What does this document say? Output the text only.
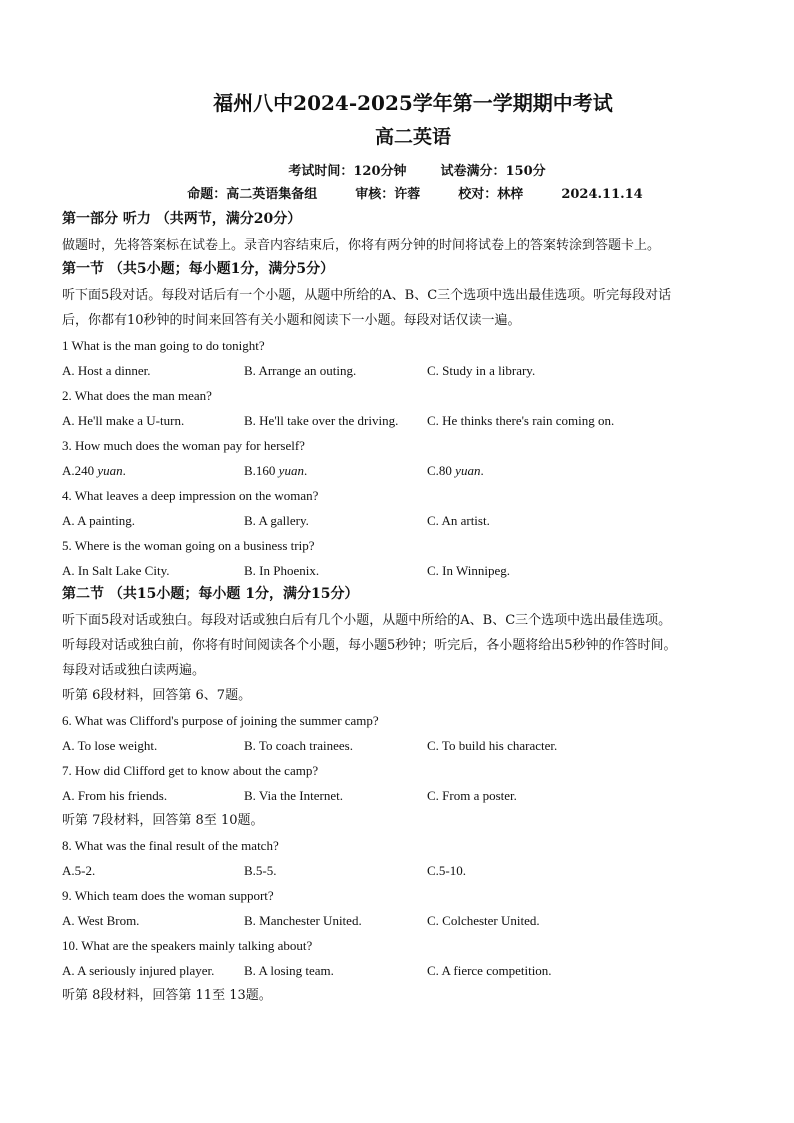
福州八中2024-2025学年第一学期期中考试
高二英语
考试时间：120分钟	试卷满分：150分
命题：高二英语集备组	审核：许蓉	校对：林梓	2024.11.14
第一部分 听力 （共两节，满分20分）
做题时，先将答案标在试卷上。录音内容结束后，你将有两分钟的时间将试卷上的答案转涂到答题卡上。
第一节 （共5小题；每小题1分，满分5分）
听下面5段对话。每段对话后有一个小题，从题中所给的A、B、C三个选项中选出最佳选项。听完每段对话
后，你都有10秒钟的时间来回答有关小题和阅读下一小题。每段对话仅读一遍。
1 What is the man going to do tonight?
A. Host a dinner.	B. Arrange an outing.	C. Study in a library.
2. What does the man mean?
A. He'll make a U-turn.	B. He'll take over the driving.	C. He thinks there's rain coming on.
3. How much does the woman pay for herself?
A.240 yuan.	B.160 yuan.	C.80 yuan.
4. What leaves a deep impression on the woman?
A. A painting.	B. A gallery.	C. An artist.
5. Where is the woman going on a business trip?
A. In Salt Lake City.	B. In Phoenix.	C. In Winnipeg.
第二节 （共15小题；每小题 1分，满分15分）
听下面5段对话或独白。每段对话或独白后有几个小题，从题中所给的A、B、C三个选项中选出最佳选项。
听每段对话或独白前，你将有时间阅读各个小题，每小题5秒钟；听完后，各小题将给出5秒钟的作答时间。
每段对话或独白读两遍。
听第 6段材料，回答第 6、7题。
6. What was Clifford's purpose of joining the summer camp?
A. To lose weight.	B. To coach trainees.	C. To build his character.
7. How did Clifford get to know about the camp?
A. From his friends.	B. Via the Internet.	C. From a poster.
听第 7段材料，回答第 8至 10题。
8. What was the final result of the match?
A.5-2.	B.5-5.	C.5-10.
9. Which team does the woman support?
A. West Brom.	B. Manchester United.	C. Colchester United.
10. What are the speakers mainly talking about?
A. A seriously injured player.	B. A losing team.	C. A fierce competition.
听第 8段材料，回答第 11至 13题。
